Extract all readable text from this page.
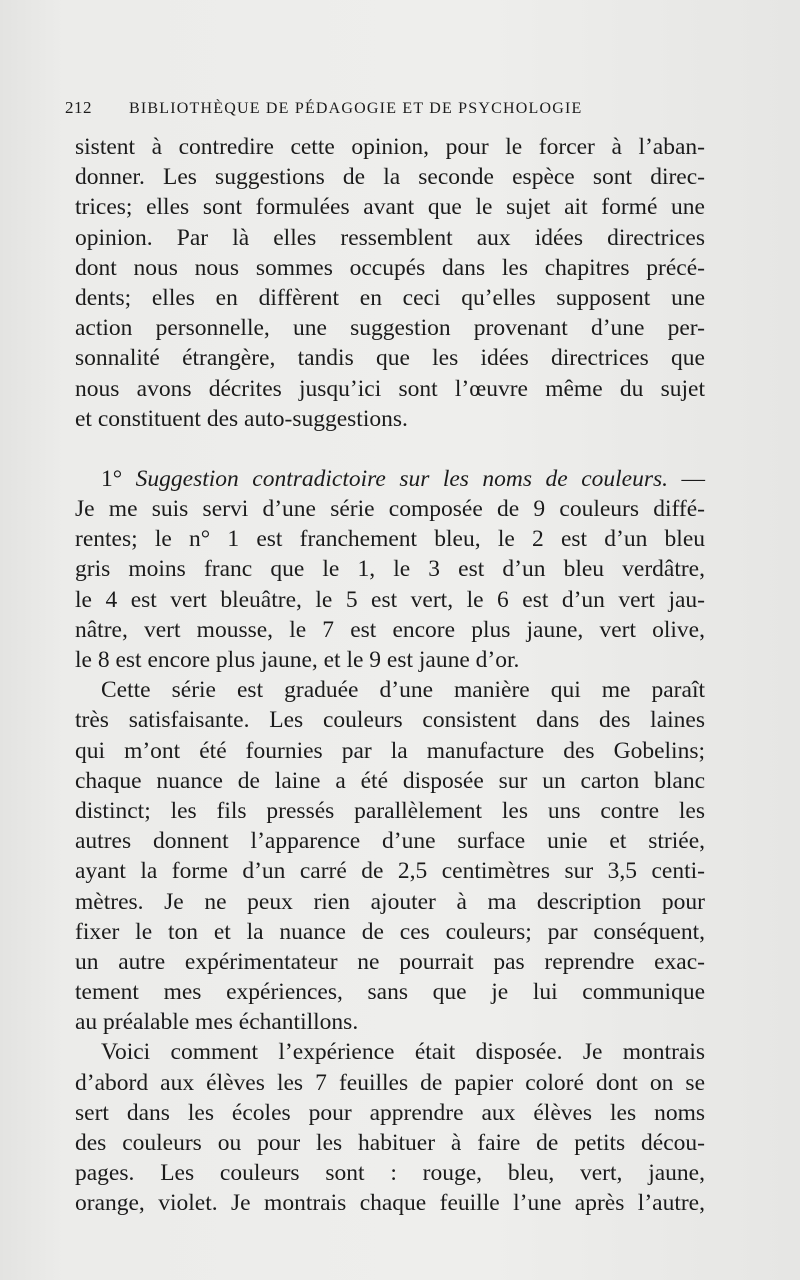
212 BIBLIOTHÈQUE DE PÉDAGOGIE ET DE PSYCHOLOGIE
sistent à contredire cette opinion, pour le forcer à l’aban-
donner. Les suggestions de la seconde espèce sont direc-
trices; elles sont formulées avant que le sujet ait formé une
opinion. Par là elles ressemblent aux idées directrices
dont nous nous sommes occupés dans les chapitres précé-
dents; elles en diffèrent en ceci qu’elles supposent une
action personnelle, une suggestion provenant d’une per-
sonnalité étrangère, tandis que les idées directrices que
nous avons décrites jusqu’ici sont l’œuvre même du sujet
et constituent des auto-suggestions.
1° Suggestion contradictoire sur les noms de couleurs. —
Je me suis servi d’une série composée de 9 couleurs diffé-
rentes; le n° 1 est franchement bleu, le 2 est d’un bleu
gris moins franc que le 1, le 3 est d’un bleu verdâtre,
le 4 est vert bleuâtre, le 5 est vert, le 6 est d’un vert jau-
nâtre, vert mousse, le 7 est encore plus jaune, vert olive,
le 8 est encore plus jaune, et le 9 est jaune d’or.
Cette série est graduée d’une manière qui me paraît
très satisfaisante. Les couleurs consistent dans des laines
qui m’ont été fournies par la manufacture des Gobelins;
chaque nuance de laine a été disposée sur un carton blanc
distinct; les fils pressés parallèlement les uns contre les
autres donnent l’apparence d’une surface unie et striée,
ayant la forme d’un carré de 2,5 centimètres sur 3,5 centi-
mètres. Je ne peux rien ajouter à ma description pour
fixer le ton et la nuance de ces couleurs; par conséquent,
un autre expérimentateur ne pourrait pas reprendre exac-
tement mes expériences, sans que je lui communique
au préalable mes échantillons.
Voici comment l’expérience était disposée. Je montrais
d’abord aux élèves les 7 feuilles de papier coloré dont on se
sert dans les écoles pour apprendre aux élèves les noms
des couleurs ou pour les habituer à faire de petits décou-
pages. Les couleurs sont : rouge, bleu, vert, jaune,
orange, violet. Je montrais chaque feuille l’une après l’autre,
